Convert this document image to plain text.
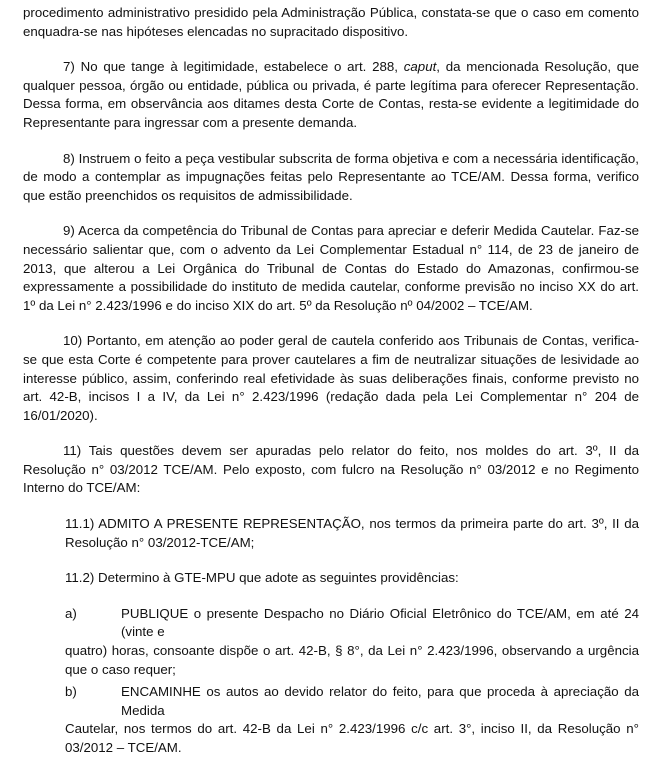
procedimento administrativo presidido pela Administração Pública, constata-se que o caso em comento enquadra-se nas hipóteses elencadas no supracitado dispositivo.

7) No que tange à legitimidade, estabelece o art. 288, caput, da mencionada Resolução, que qualquer pessoa, órgão ou entidade, pública ou privada, é parte legítima para oferecer Representação. Dessa forma, em observância aos ditames desta Corte de Contas, resta-se evidente a legitimidade do Representante para ingressar com a presente demanda.

8) Instruem o feito a peça vestibular subscrita de forma objetiva e com a necessária identificação, de modo a contemplar as impugnações feitas pelo Representante ao TCE/AM. Dessa forma, verifico que estão preenchidos os requisitos de admissibilidade.

9) Acerca da competência do Tribunal de Contas para apreciar e deferir Medida Cautelar. Faz-se necessário salientar que, com o advento da Lei Complementar Estadual n° 114, de 23 de janeiro de 2013, que alterou a Lei Orgânica do Tribunal de Contas do Estado do Amazonas, confirmou-se expressamente a possibilidade do instituto de medida cautelar, conforme previsão no inciso XX do art. 1º da Lei n° 2.423/1996 e do inciso XIX do art. 5º da Resolução nº 04/2002 – TCE/AM.

10) Portanto, em atenção ao poder geral de cautela conferido aos Tribunais de Contas, verifica-se que esta Corte é competente para prover cautelares a fim de neutralizar situações de lesividade ao interesse público, assim, conferindo real efetividade às suas deliberações finais, conforme previsto no art. 42-B, incisos I a IV, da Lei n° 2.423/1996 (redação dada pela Lei Complementar n° 204 de 16/01/2020).

11) Tais questões devem ser apuradas pelo relator do feito, nos moldes do art. 3º, II da Resolução n° 03/2012 TCE/AM. Pelo exposto, com fulcro na Resolução n° 03/2012 e no Regimento Interno do TCE/AM:

11.1) ADMITO A PRESENTE REPRESENTAÇÃO, nos termos da primeira parte do art. 3º, II da Resolução n° 03/2012-TCE/AM;

11.2) Determino à GTE-MPU que adote as seguintes providências:

a)	PUBLIQUE o presente Despacho no Diário Oficial Eletrônico do TCE/AM, em até 24 (vinte e
quatro) horas, consoante dispõe o art. 42-B, § 8°, da Lei n° 2.423/1996, observando a urgência que o caso requer;
b)	ENCAMINHE os autos ao devido relator do feito, para que proceda à apreciação da Medida
Cautelar, nos termos do art. 42-B da Lei n° 2.423/1996 c/c art. 3°, inciso II, da Resolução n° 03/2012 – TCE/AM.
